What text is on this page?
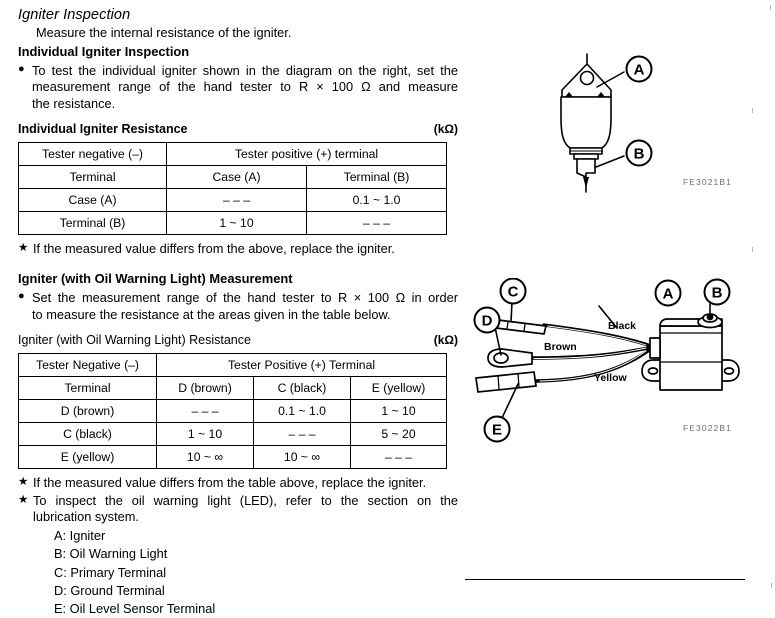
Igniter Inspection

Measure the internal resistance of the igniter.

Individual Igniter Inspection
● To test the individual igniter shown in the diagram on the right, set the
measurement range of the hand tester to R × 100 Ω and measure
the resistance.
Individual Igniter Resistance	(kΩ)
Tester negative (–)	Tester positive (+) terminal	
Terminal	Case (A)	Terminal (B)
Case (A)	– – –	0.1 ~ 1.0
Terminal (B)	1 ~ 10	– – –
★ If the measured value differs from the above, replace the igniter.
Igniter (with Oil Warning Light) Measurement
● Set the measurement range of the hand tester to R × 100 Ω in order
to measure the resistance at the areas given in the table below.
Igniter (with Oil Warning Light) Resistance	(kΩ)
Tester Negative (–)	Tester Positive (+) Terminal		
Terminal	D (brown)	C (black)	E (yellow)
D (brown)	– – –	0.1 ~ 1.0	1 ~ 10
C (black)	1 ~ 10	– – –	5 ~ 20
E (yellow)	10 ~ ∞	10 ~ ∞	– – –
★ If the measured value differs from the table above, replace the igniter.
★ To inspect the oil warning light (LED), refer to the section on the
lubrication system.
A: Igniter
B: Oil Warning Light
C: Primary Terminal
D: Ground Terminal
E: Oil Level Sensor Terminal
A
B
FE3021B1
C
D
E
A	B
Black
Brown
Yellow
FE3022B1
